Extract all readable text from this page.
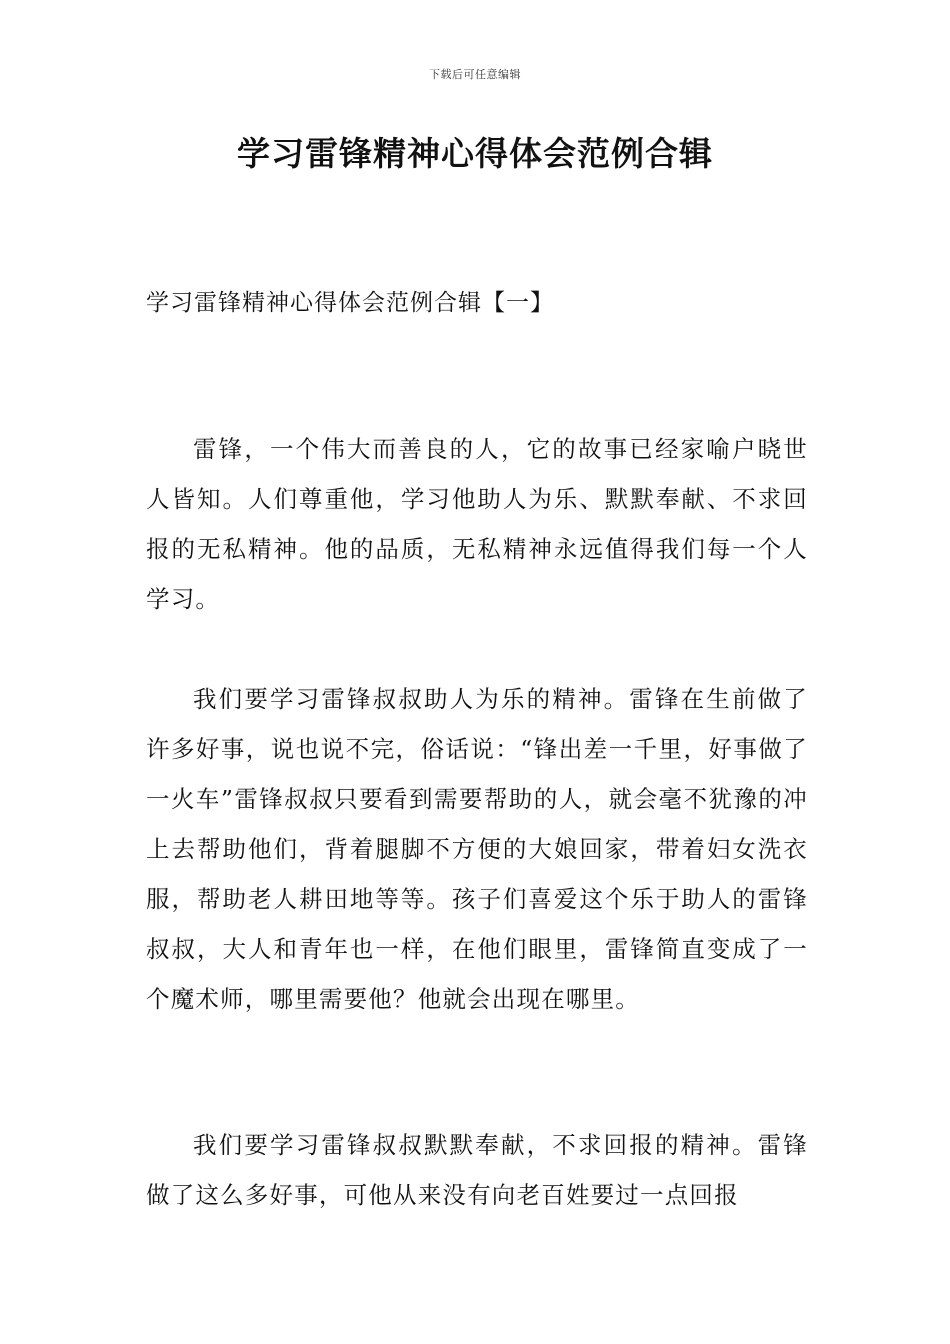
下载后可任意编辑
学习雷锋精神心得体会范例合辑
学习雷锋精神心得体会范例合辑【一】

雷锋，一个伟大而善良的人，它的故事已经家喻户晓世人皆知。人们尊重他，学习他助人为乐、默默奉献、不求回报的无私精神。他的品质，无私精神永远值得我们每一个人学习。

我们要学习雷锋叔叔助人为乐的精神。雷锋在生前做了许多好事，说也说不完，俗话说：“锋出差一千里，好事做了一火车”雷锋叔叔只要看到需要帮助的人，就会毫不犹豫的冲上去帮助他们，背着腿脚不方便的大娘回家，带着妇女洗衣服，帮助老人耕田地等等。孩子们喜爱这个乐于助人的雷锋叔叔，大人和青年也一样，在他们眼里，雷锋简直变成了一个魔术师，哪里需要他？他就会出现在哪里。

我们要学习雷锋叔叔默默奉献，不求回报的精神。雷锋做了这么多好事，可他从来没有向老百姓要过一点回报
